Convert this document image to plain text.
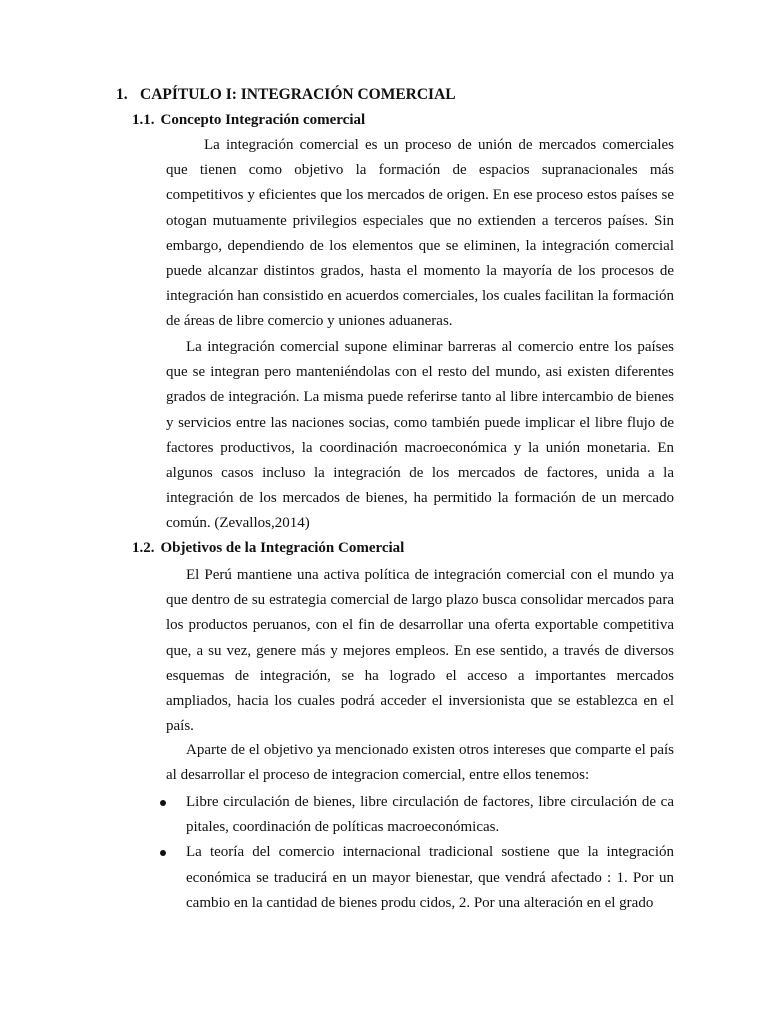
1. CAPÍTULO I: INTEGRACIÓN COMERCIAL
1.1. Concepto Integración comercial

La integración comercial es un proceso de unión de mercados comerciales que tienen como objetivo la formación de espacios supranacionales más competitivos y eficientes que los mercados de origen. En ese proceso estos países se otogan mutuamente privilegios especiales que no extienden a terceros países. Sin embargo, dependiendo de los elementos que se eliminen, la integración comercial puede alcanzar distintos grados, hasta el momento la mayoría de los procesos de integración han consistido en acuerdos comerciales, los cuales facilitan la formación de áreas de libre comercio y uniones aduaneras.

La integración comercial supone eliminar barreras al comercio entre los países que se integran pero manteniéndolas con el resto del mundo, asi existen diferentes grados de integración. La misma puede referirse tanto al libre intercambio de bienes y servicios entre las naciones socias, como también puede implicar el libre flujo de factores productivos, la coordinación macroeconómica y la unión monetaria. En algunos casos incluso la integración de los mercados de factores, unida a la integración de los mercados de bienes, ha permitido la formación de un mercado común. (Zevallos,2014)

1.2. Objetivos de la Integración Comercial

El Perú mantiene una activa política de integración comercial con el mundo ya que dentro de su estrategia comercial de largo plazo busca consolidar mercados para los productos peruanos, con el fin de desarrollar una oferta exportable competitiva que, a su vez, genere más y mejores empleos. En ese sentido, a través de diversos esquemas de integración, se ha logrado el acceso a importantes mercados ampliados, hacia los cuales podrá acceder el inversionista que se establezca en el país.

Aparte de el objetivo ya mencionado existen otros intereses que comparte el país al desarrollar el proceso de integracion comercial, entre ellos tenemos:

Libre circulación de bienes, libre circulación de factores, libre circulación de ca pitales, coordinación de políticas macroeconómicas.
La teoría del comercio internacional tradicional sostiene que la integración económica se traducirá en un mayor bienestar, que vendrá afectado : 1. Por un cambio en la cantidad de bienes produ cidos, 2. Por una alteración en el grado
